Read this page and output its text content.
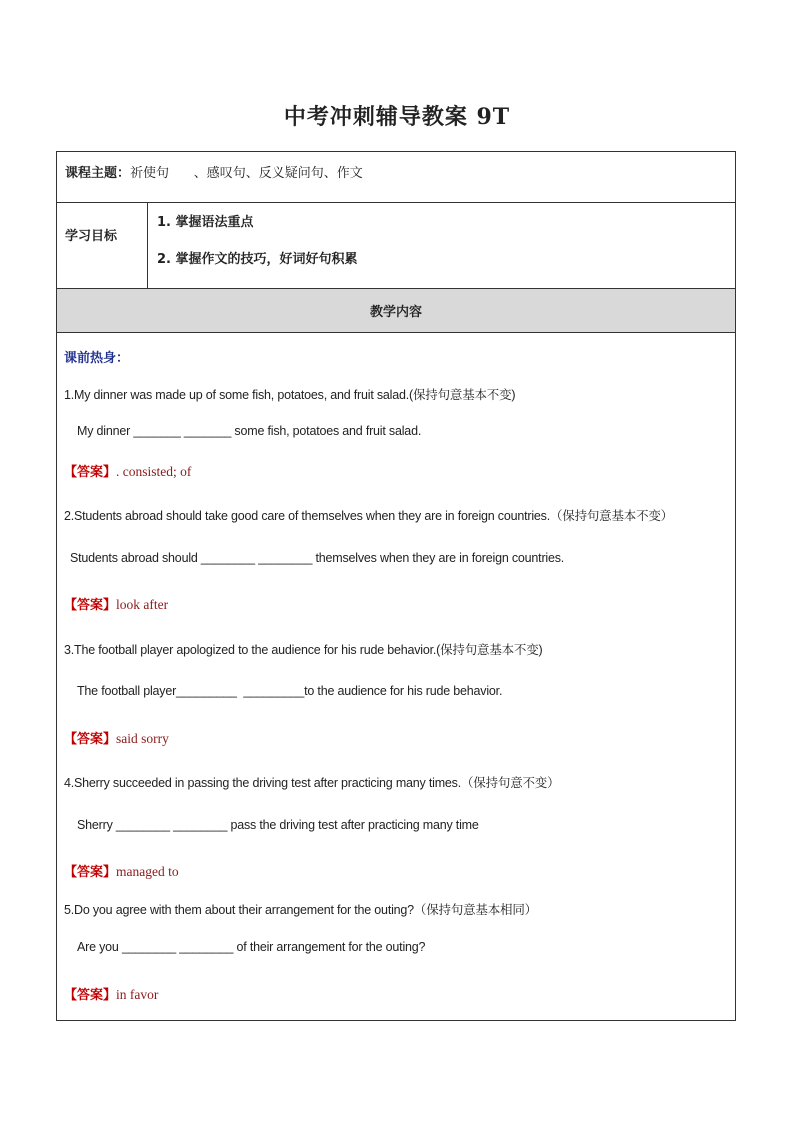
中考冲刺辅导教案 9T
课程主题：祈使句      、感叹句、反义疑问句、作文
学习目标
1. 掌握语法重点
2. 掌握作文的技巧，好词好句积累
教学内容
课前热身：
1.My dinner was made up of some fish, potatoes, and fruit salad.(保持句意基本不变)
My dinner _______ _______ some fish, potatoes and fruit salad.
【答案】. consisted; of
2.Students abroad should take good care of themselves when they are in foreign countries.（保持句意基本不变）
Students abroad should ________ ________ themselves when they are in foreign countries.
【答案】look after
3.The football player apologized to the audience for his rude behavior.(保持句意基本不变)
The football player_________  _________to the audience for his rude behavior.
【答案】said sorry
4.Sherry succeeded in passing the driving test after practicing many times.（保持句意不变）
Sherry ________ ________ pass the driving test after practicing many time
【答案】managed to
5.Do you agree with them about their arrangement for the outing?（保持句意基本相同）
Are you ________ ________ of their arrangement for the outing?
【答案】in favor
